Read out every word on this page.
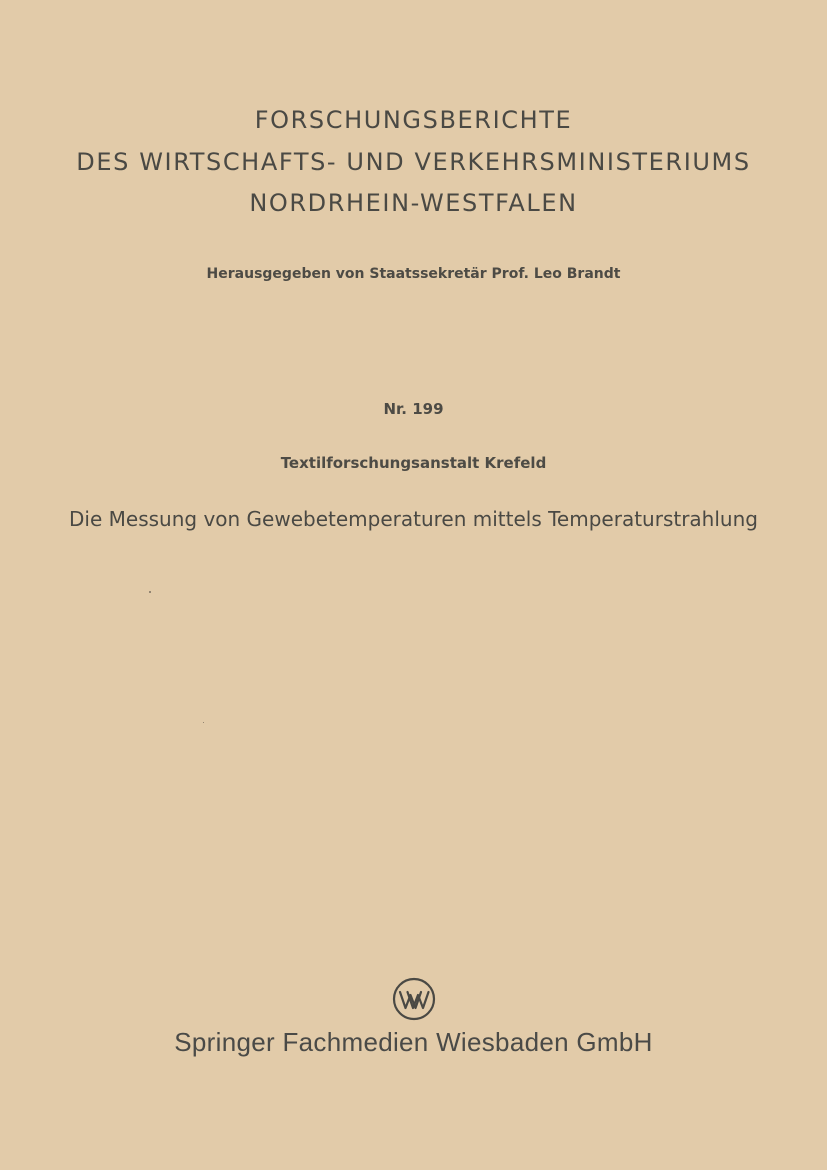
FORSCHUNGSBERICHTE
DES WIRTSCHAFTS- UND VERKEHRSMINISTERIUMS
NORDRHEIN-WESTFALEN
Herausgegeben von Staatssekretär Prof. Leo Brandt
Nr. 199
Textilforschungsanstalt Krefeld
Die Messung von Gewebetemperaturen mittels Temperaturstrahlung
Springer Fachmedien Wiesbaden GmbH
